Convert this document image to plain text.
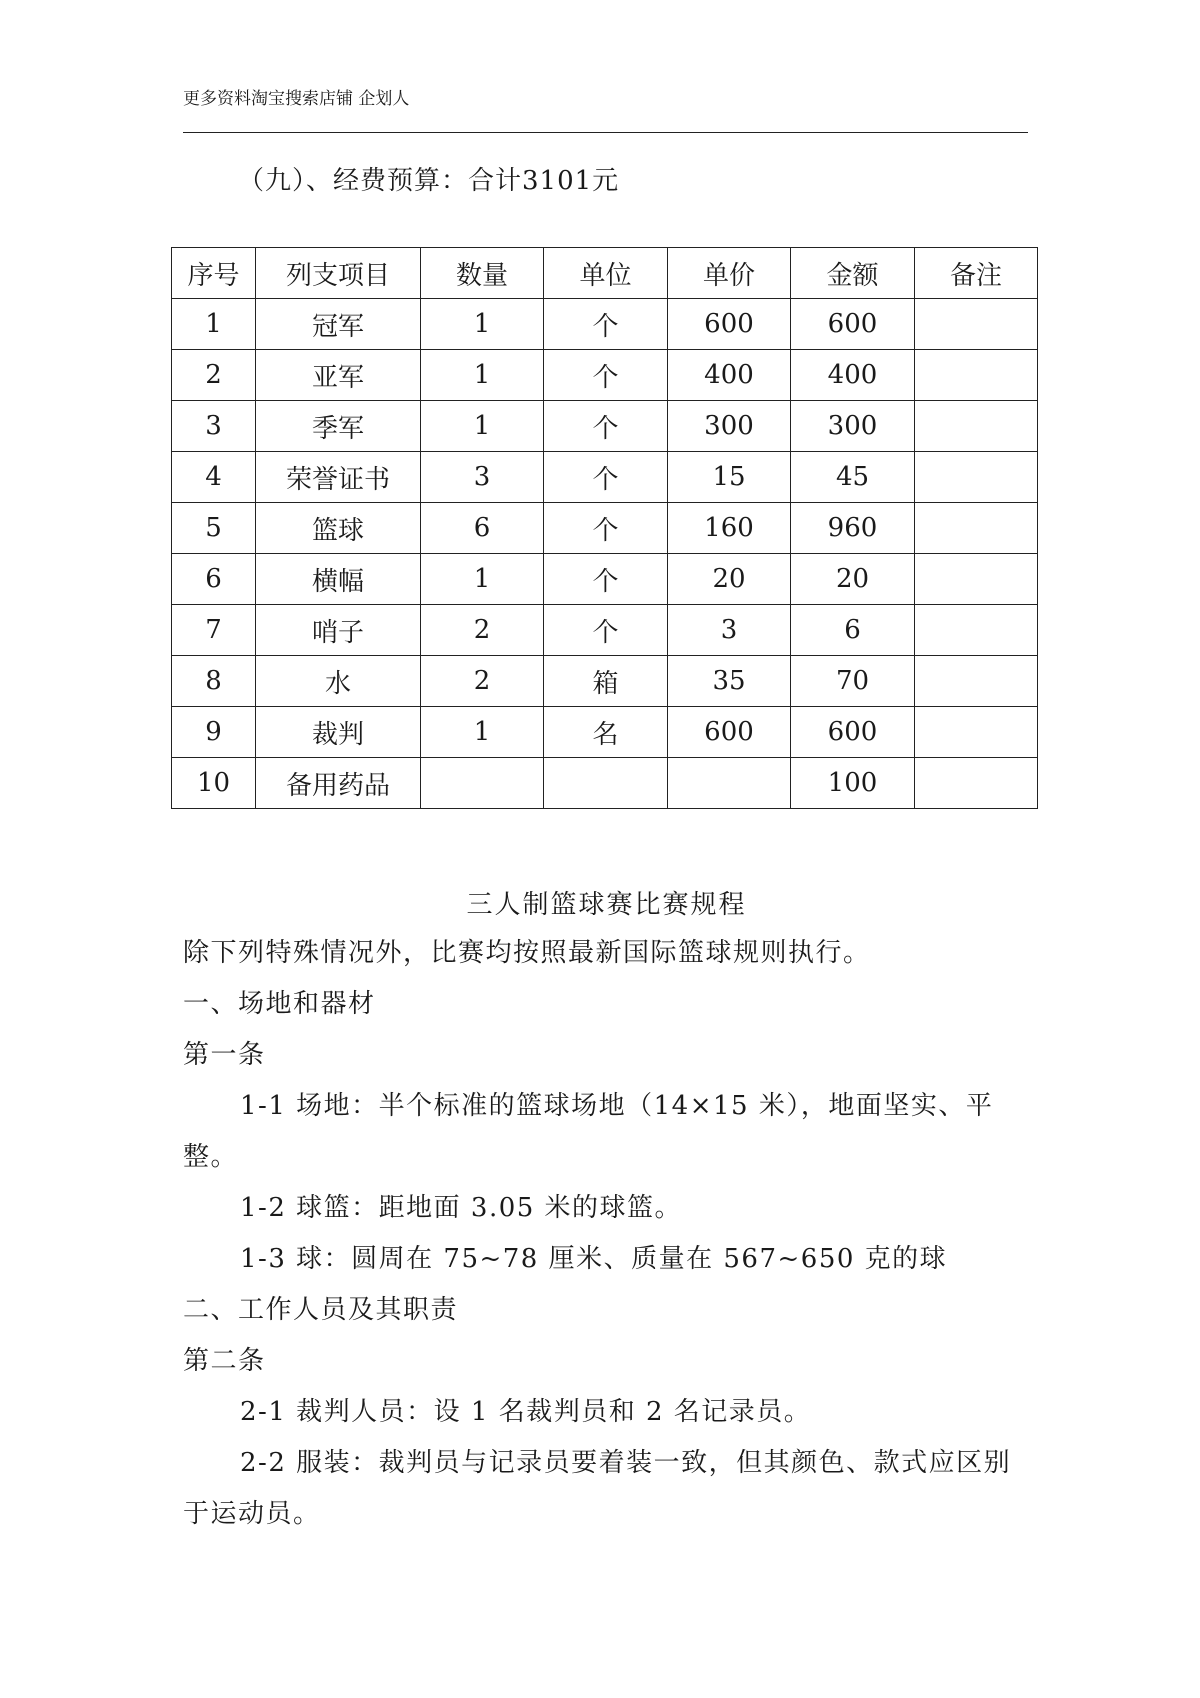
更多资料淘宝搜索店铺 企划人
（九）、经费预算：合计3101元
序号	列支项目	数量	单位	单价	金额	备注
1	冠军	1	个	600	600	
2	亚军	1	个	400	400	
3	季军	1	个	300	300	
4	荣誉证书	3	个	15	45	
5	篮球	6	个	160	960	
6	横幅	1	个	20	20	
7	哨子	2	个	3	6	
8	水	2	箱	35	70	
9	裁判	1	名	600	600	
10	备用药品				100	
三人制篮球赛比赛规程
除下列特殊情况外，比赛均按照最新国际篮球规则执行。
一、场地和器材
第一条
1-1 场地：半个标准的篮球场地（14×15 米），地面坚实、平
整。
1-2 球篮：距地面 3.05 米的球篮。
1-3 球：圆周在 75~78 厘米、质量在 567~650 克的球
二、工作人员及其职责
第二条
2-1 裁判人员：设 1 名裁判员和 2 名记录员。
2-2 服装：裁判员与记录员要着装一致，但其颜色、款式应区别
于运动员。
